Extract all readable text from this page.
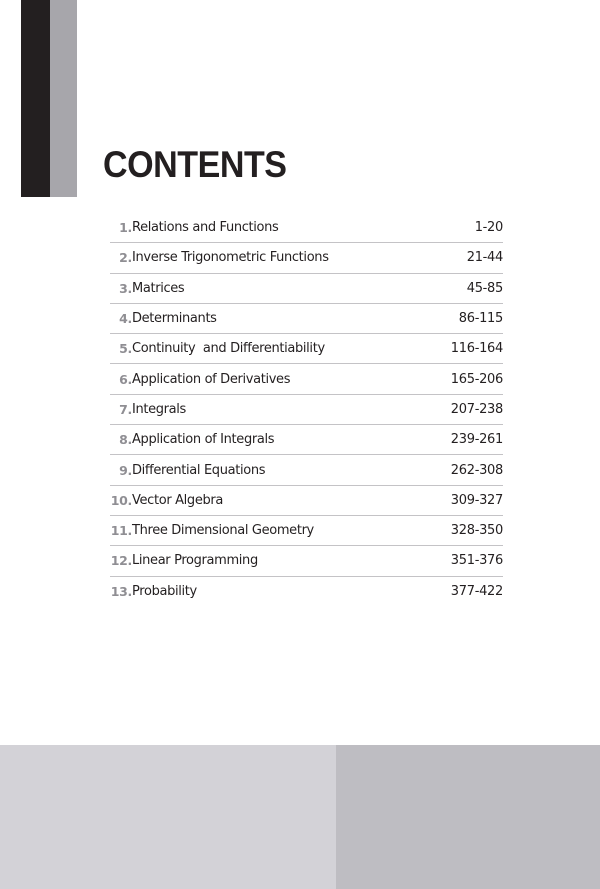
CONTENTS
1. Relations and Functions	1-20
2. Inverse Trigonometric Functions	21-44
3. Matrices	45-85
4. Determinants	86-115
5. Continuity  and Differentiability	116-164
6. Application of Derivatives	165-206
7. Integrals	207-238
8. Application of Integrals	239-261
9. Differential Equations	262-308
10. Vector Algebra	309-327
11. Three Dimensional Geometry	328-350
12. Linear Programming	351-376
13. Probability	377-422
